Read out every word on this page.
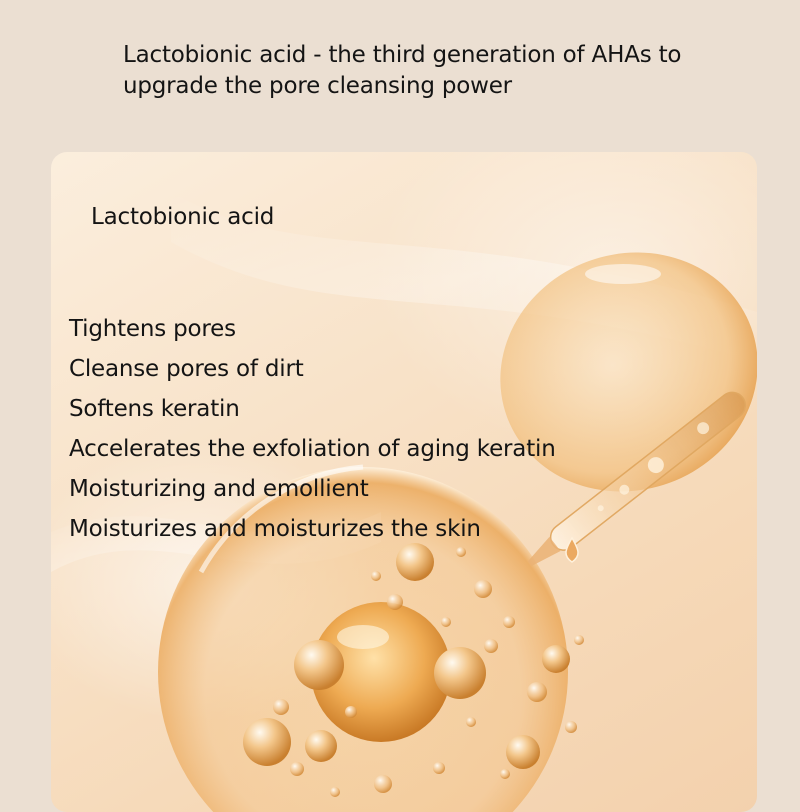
Lactobionic acid - the third generation of AHAs to upgrade the pore cleansing power
Lactobionic acid
Tightens pores
Cleanse pores of dirt
Softens keratin
Accelerates the exfoliation of aging keratin
Moisturizing and emollient
Moisturizes and moisturizes the skin
